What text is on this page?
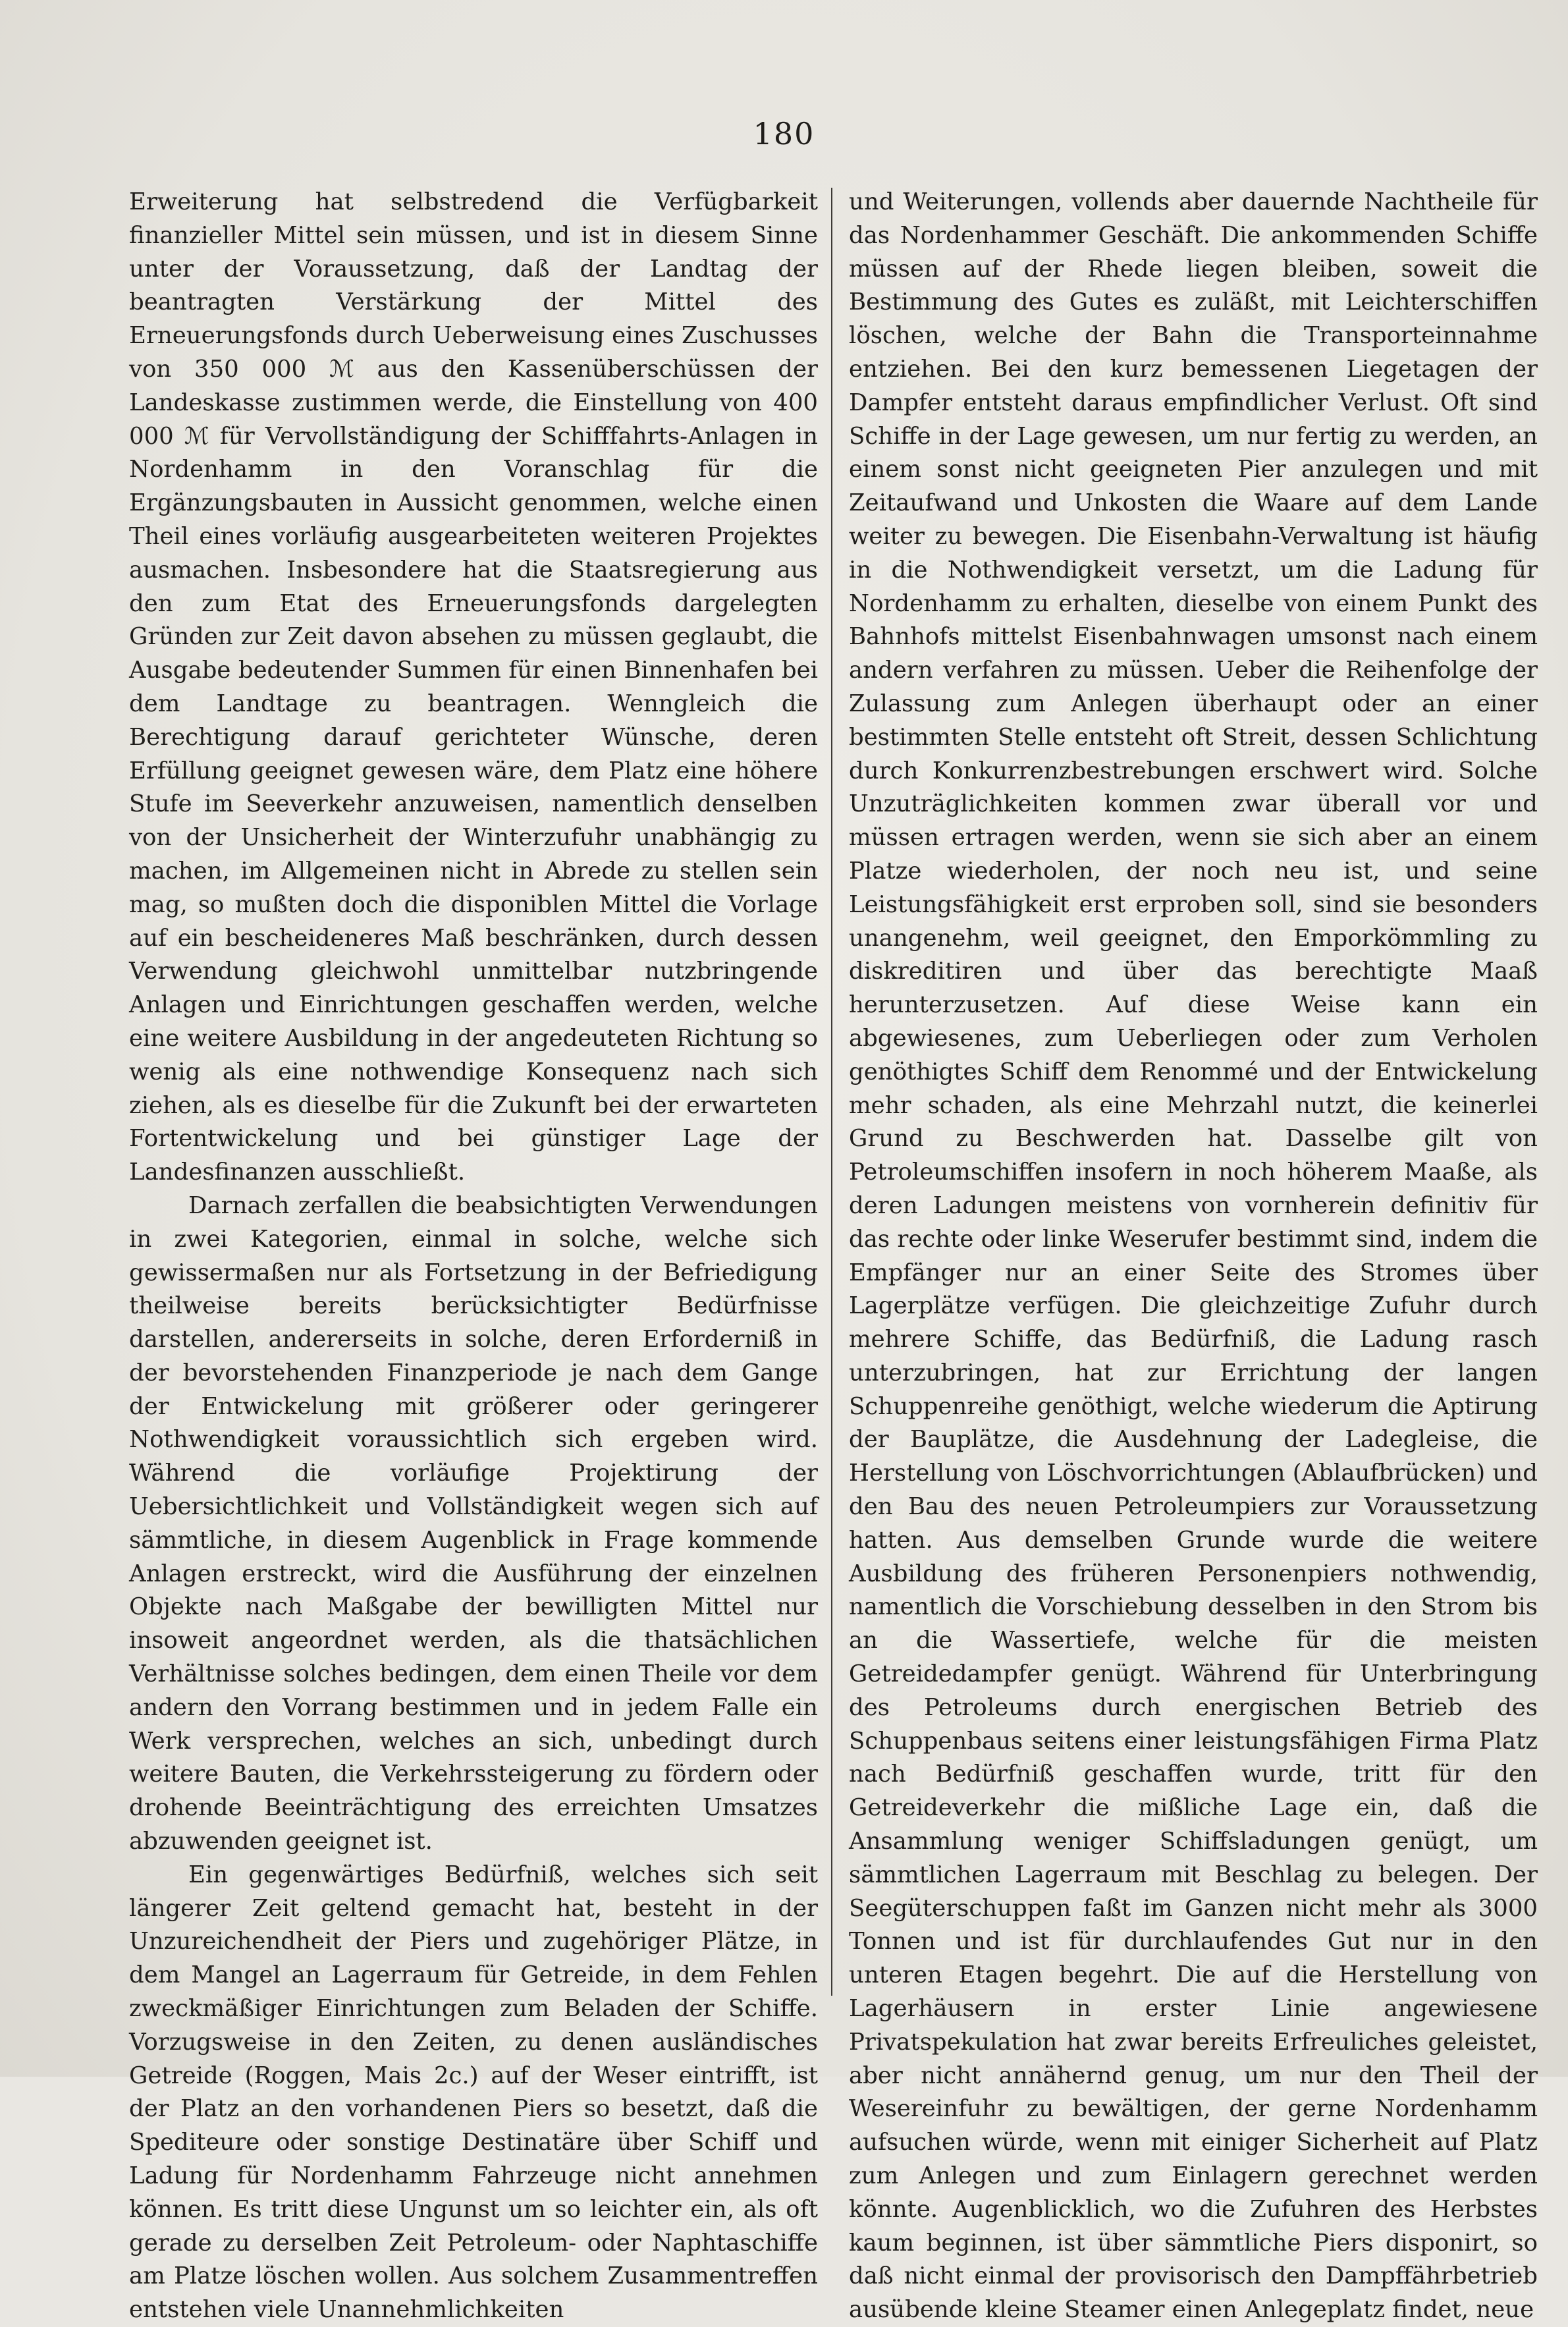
180

Erweiterung hat selbstredend die Verfügbarkeit finanzieller Mittel sein müssen, und ist in diesem Sinne unter der Voraussetzung, daß der Landtag der beantragten Verstärkung der Mittel des Erneuerungsfonds durch Ueberweisung eines Zuschusses von 350 000 ℳ aus den Kassenüberschüssen der Landeskasse zustimmen werde, die Einstellung von 400 000 ℳ für Vervollständigung der Schifffahrts-Anlagen in Nordenhamm in den Voranschlag für die Ergänzungsbauten in Aussicht genommen, welche einen Theil eines vorläufig ausgearbeiteten weiteren Projektes ausmachen. Insbesondere hat die Staatsregierung aus den zum Etat des Erneuerungsfonds dargelegten Gründen zur Zeit davon absehen zu müssen geglaubt, die Ausgabe bedeutender Summen für einen Binnenhafen bei dem Landtage zu beantragen. Wenngleich die Berechtigung darauf gerichteter Wünsche, deren Erfüllung geeignet gewesen wäre, dem Platz eine höhere Stufe im Seeverkehr anzuweisen, namentlich denselben von der Unsicherheit der Winterzufuhr unabhängig zu machen, im Allgemeinen nicht in Abrede zu stellen sein mag, so mußten doch die disponiblen Mittel die Vorlage auf ein bescheideneres Maß beschränken, durch dessen Verwendung gleichwohl unmittelbar nutzbringende Anlagen und Einrichtungen geschaffen werden, welche eine weitere Ausbildung in der angedeuteten Richtung so wenig als eine nothwendige Konsequenz nach sich ziehen, als es dieselbe für die Zukunft bei der erwarteten Fortentwickelung und bei günstiger Lage der Landesfinanzen ausschließt.

Darnach zerfallen die beabsichtigten Verwendungen in zwei Kategorien, einmal in solche, welche sich gewissermaßen nur als Fortsetzung in der Befriedigung theilweise bereits berücksichtigter Bedürfnisse darstellen, andererseits in solche, deren Erforderniß in der bevorstehenden Finanzperiode je nach dem Gange der Entwickelung mit größerer oder geringerer Nothwendigkeit voraussichtlich sich ergeben wird. Während die vorläufige Projektirung der Uebersichtlichkeit und Vollständigkeit wegen sich auf sämmtliche, in diesem Augenblick in Frage kommende Anlagen erstreckt, wird die Ausführung der einzelnen Objekte nach Maßgabe der bewilligten Mittel nur insoweit angeordnet werden, als die thatsächlichen Verhältnisse solches bedingen, dem einen Theile vor dem andern den Vorrang bestimmen und in jedem Falle ein Werk versprechen, welches an sich, unbedingt durch weitere Bauten, die Verkehrssteigerung zu fördern oder drohende Beeinträchtigung des erreichten Umsatzes abzuwenden geeignet ist.

Ein gegenwärtiges Bedürfniß, welches sich seit längerer Zeit geltend gemacht hat, besteht in der Unzureichendheit der Piers und zugehöriger Plätze, in dem Mangel an Lagerraum für Getreide, in dem Fehlen zweckmäßiger Einrichtungen zum Beladen der Schiffe. Vorzugsweise in den Zeiten, zu denen ausländisches Getreide (Roggen, Mais 2c.) auf der Weser eintrifft, ist der Platz an den vorhandenen Piers so besetzt, daß die Spediteure oder sonstige Destinatäre über Schiff und Ladung für Nordenhamm Fahrzeuge nicht annehmen können. Es tritt diese Ungunst um so leichter ein, als oft gerade zu derselben Zeit Petroleum- oder Naphtaschiffe am Platze löschen wollen. Aus solchem Zusammentreffen entstehen viele Unannehmlichkeiten

und Weiterungen, vollends aber dauernde Nachtheile für das Nordenhammer Geschäft. Die ankommenden Schiffe müssen auf der Rhede liegen bleiben, soweit die Bestimmung des Gutes es zuläßt, mit Leichterschiffen löschen, welche der Bahn die Transporteinnahme entziehen. Bei den kurz bemessenen Liegetagen der Dampfer entsteht daraus empfindlicher Verlust. Oft sind Schiffe in der Lage gewesen, um nur fertig zu werden, an einem sonst nicht geeigneten Pier anzulegen und mit Zeitaufwand und Unkosten die Waare auf dem Lande weiter zu bewegen. Die Eisenbahn-Verwaltung ist häufig in die Nothwendigkeit versetzt, um die Ladung für Nordenhamm zu erhalten, dieselbe von einem Punkt des Bahnhofs mittelst Eisenbahnwagen umsonst nach einem andern verfahren zu müssen. Ueber die Reihenfolge der Zulassung zum Anlegen überhaupt oder an einer bestimmten Stelle entsteht oft Streit, dessen Schlichtung durch Konkurrenzbestrebungen erschwert wird. Solche Unzuträglichkeiten kommen zwar überall vor und müssen ertragen werden, wenn sie sich aber an einem Platze wiederholen, der noch neu ist, und seine Leistungsfähigkeit erst erproben soll, sind sie besonders unangenehm, weil geeignet, den Emporkömmling zu diskreditiren und über das berechtigte Maaß herunterzusetzen. Auf diese Weise kann ein abgewiesenes, zum Ueberliegen oder zum Verholen genöthigtes Schiff dem Renommé und der Entwickelung mehr schaden, als eine Mehrzahl nutzt, die keinerlei Grund zu Beschwerden hat. Dasselbe gilt von Petroleumschiffen insofern in noch höherem Maaße, als deren Ladungen meistens von vornherein definitiv für das rechte oder linke Weserufer bestimmt sind, indem die Empfänger nur an einer Seite des Stromes über Lagerplätze verfügen. Die gleichzeitige Zufuhr durch mehrere Schiffe, das Bedürfniß, die Ladung rasch unterzubringen, hat zur Errichtung der langen Schuppenreihe genöthigt, welche wiederum die Aptirung der Bauplätze, die Ausdehnung der Ladegleise, die Herstellung von Löschvorrichtungen (Ablaufbrücken) und den Bau des neuen Petroleumpiers zur Voraussetzung hatten. Aus demselben Grunde wurde die weitere Ausbildung des früheren Personenpiers nothwendig, namentlich die Vorschiebung desselben in den Strom bis an die Wassertiefe, welche für die meisten Getreidedampfer genügt. Während für Unterbringung des Petroleums durch energischen Betrieb des Schuppenbaus seitens einer leistungsfähigen Firma Platz nach Bedürfniß geschaffen wurde, tritt für den Getreideverkehr die mißliche Lage ein, daß die Ansammlung weniger Schiffsladungen genügt, um sämmtlichen Lagerraum mit Beschlag zu belegen. Der Seegüterschuppen faßt im Ganzen nicht mehr als 3000 Tonnen und ist für durchlaufendes Gut nur in den unteren Etagen begehrt. Die auf die Herstellung von Lagerhäusern in erster Linie angewiesene Privatspekulation hat zwar bereits Erfreuliches geleistet, aber nicht annähernd genug, um nur den Theil der Wesereinfuhr zu bewältigen, der gerne Nordenhamm aufsuchen würde, wenn mit einiger Sicherheit auf Platz zum Anlegen und zum Einlagern gerechnet werden könnte. Augenblicklich, wo die Zufuhren des Herbstes kaum beginnen, ist über sämmtliche Piers disponirt, so daß nicht einmal der provisorisch den Dampffährbetrieb ausübende kleine Steamer einen Anlegeplatz findet, neue
